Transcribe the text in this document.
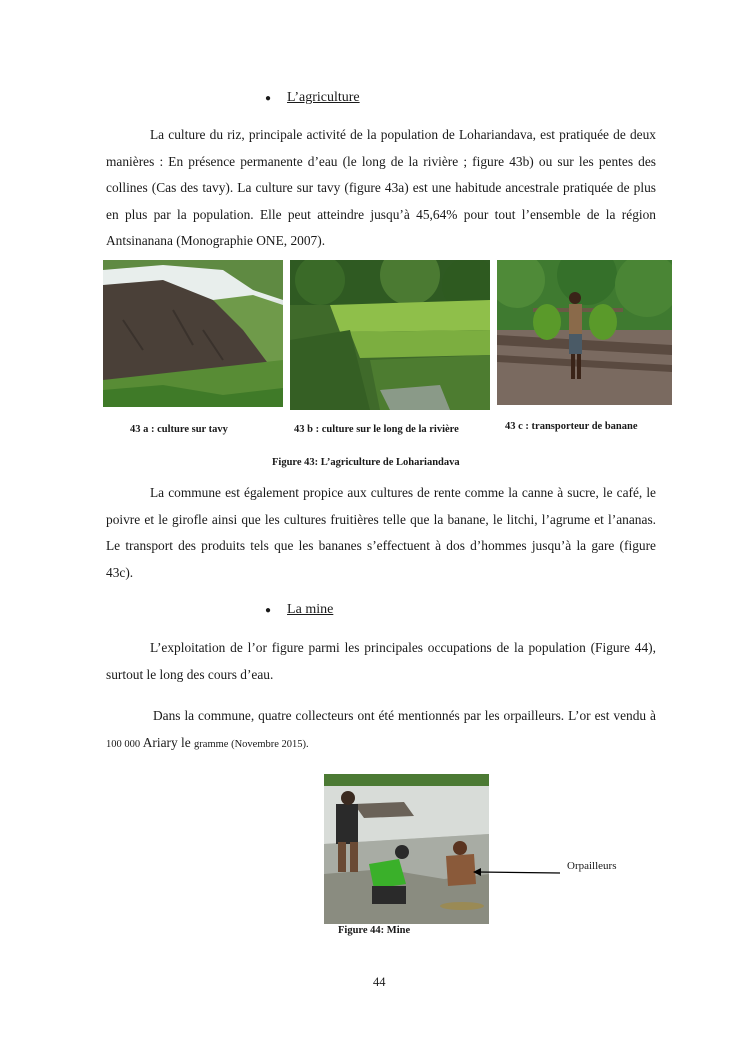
● L’agriculture
La culture du riz, principale activité de la population de Lohariandava, est pratiquée de deux manières : En présence permanente d’eau (le long de la rivière ; figure 43b) ou sur les pentes des collines (Cas des tavy). La culture sur tavy (figure 43a) est une habitude ancestrale pratiquée de plus en plus par la population. Elle peut atteindre jusqu’à 45,64% pour tout l’ensemble de la région Antsinanana (Monographie ONE, 2007).
43 a : culture sur tavy	43 b : culture sur le long de la rivière	43 c : transporteur de banane
Figure 43: L’agriculture de Lohariandava
La commune est également propice aux cultures de rente comme la canne à sucre, le café, le poivre et le girofle ainsi que les cultures fruitières telle que la banane, le litchi, l’agrume et l’ananas. Le transport des produits tels que les bananes s’effectuent à dos d’hommes jusqu’à la gare (figure 43c).
● La mine
L’exploitation de l’or figure parmi les principales occupations de la population (Figure 44), surtout le long des cours d’eau.
Dans la commune, quatre collecteurs ont été mentionnés par les orpailleurs. L’or est vendu à 100 000 Ariary le gramme (Novembre 2015).
Orpailleurs
Figure 44: Mine
44
